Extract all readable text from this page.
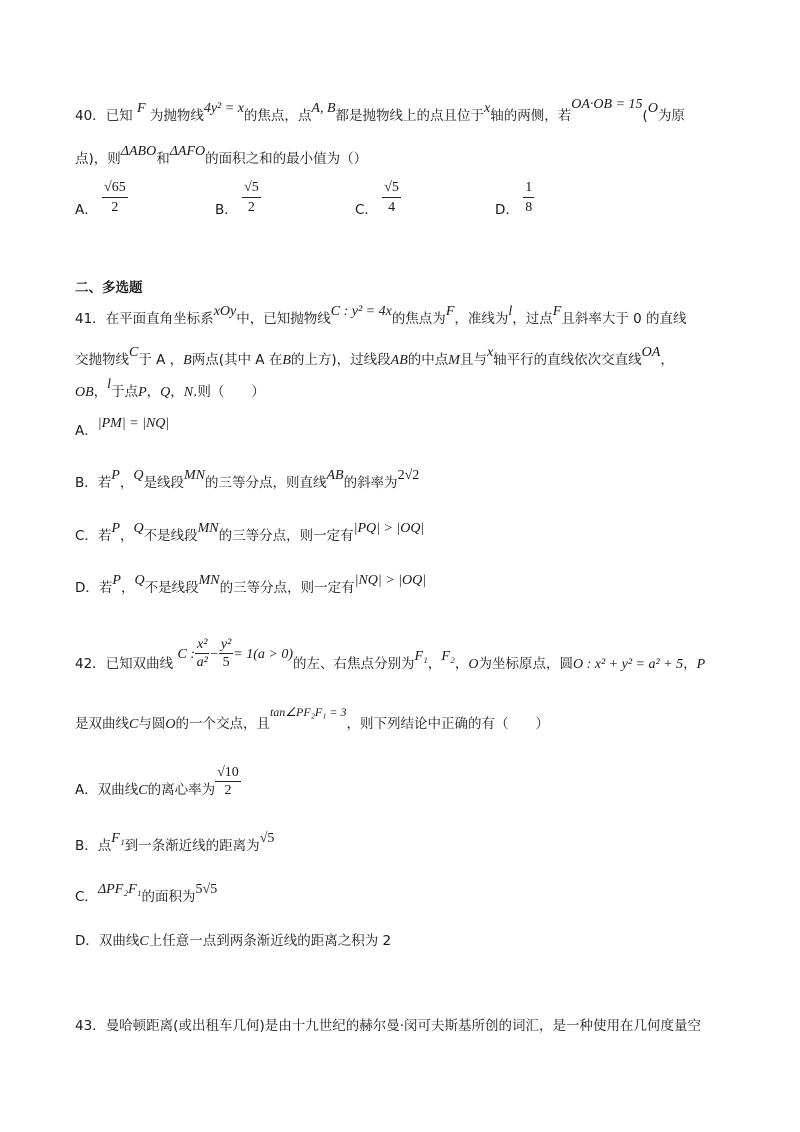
40．已知 F 为抛物线4y² = x的焦点，点A, B都是抛物线上的点且位于x轴的两侧，若OA·OB = 15(O为原
点)，则ΔABO和ΔAFO的面积之和的最小值为（）
A． $\frac{√65}{2}$	B． $\frac{√5}{2}$	C． $\frac{√5}{4}$	D． $\frac{1}{8}$
二、多选题
41．在平面直角坐标系xOy中，已知抛物线C : y² = 4x的焦点为F，准线为l，过点F且斜率大于 0 的直线
交抛物线C于 A ，B两点(其中 A 在B的上方)，过线段AB的中点M且与x轴平行的直线依次交直线OA，
OB，l于点P，Q，N.则（　　）
A．|PM| = |NQ|
B．若P，Q是线段MN的三等分点，则直线AB的斜率为2√2
C．若P，Q不是线段MN的三等分点，则一定有|PQ| > |OQ|
D．若P，Q不是线段MN的三等分点，则一定有|NQ| > |OQ|
42．已知双曲线 C : $\frac{\text{x²}}{\text{a²}} - \frac{\text{y²}}{5} = 1(a > 0)$的左、右焦点分别为F₁，F₂，O为坐标原点，圆O : x² + y² = a² + 5，P
是双曲线C与圆O的一个交点，且tan∠PF₂F₁ = 3，则下列结论中正确的有（　　）
A．双曲线C的离心率为 $\frac{√10}{2}$
B．点F₁到一条渐近线的距离为√5
C．ΔPF₂F₁的面积为5√5
D．双曲线C上任意一点到两条渐近线的距离之积为 2
43．曼哈顿距离(或出租车几何)是由十九世纪的赫尔曼·闵可夫斯基所创的词汇，是一种使用在几何度量空
